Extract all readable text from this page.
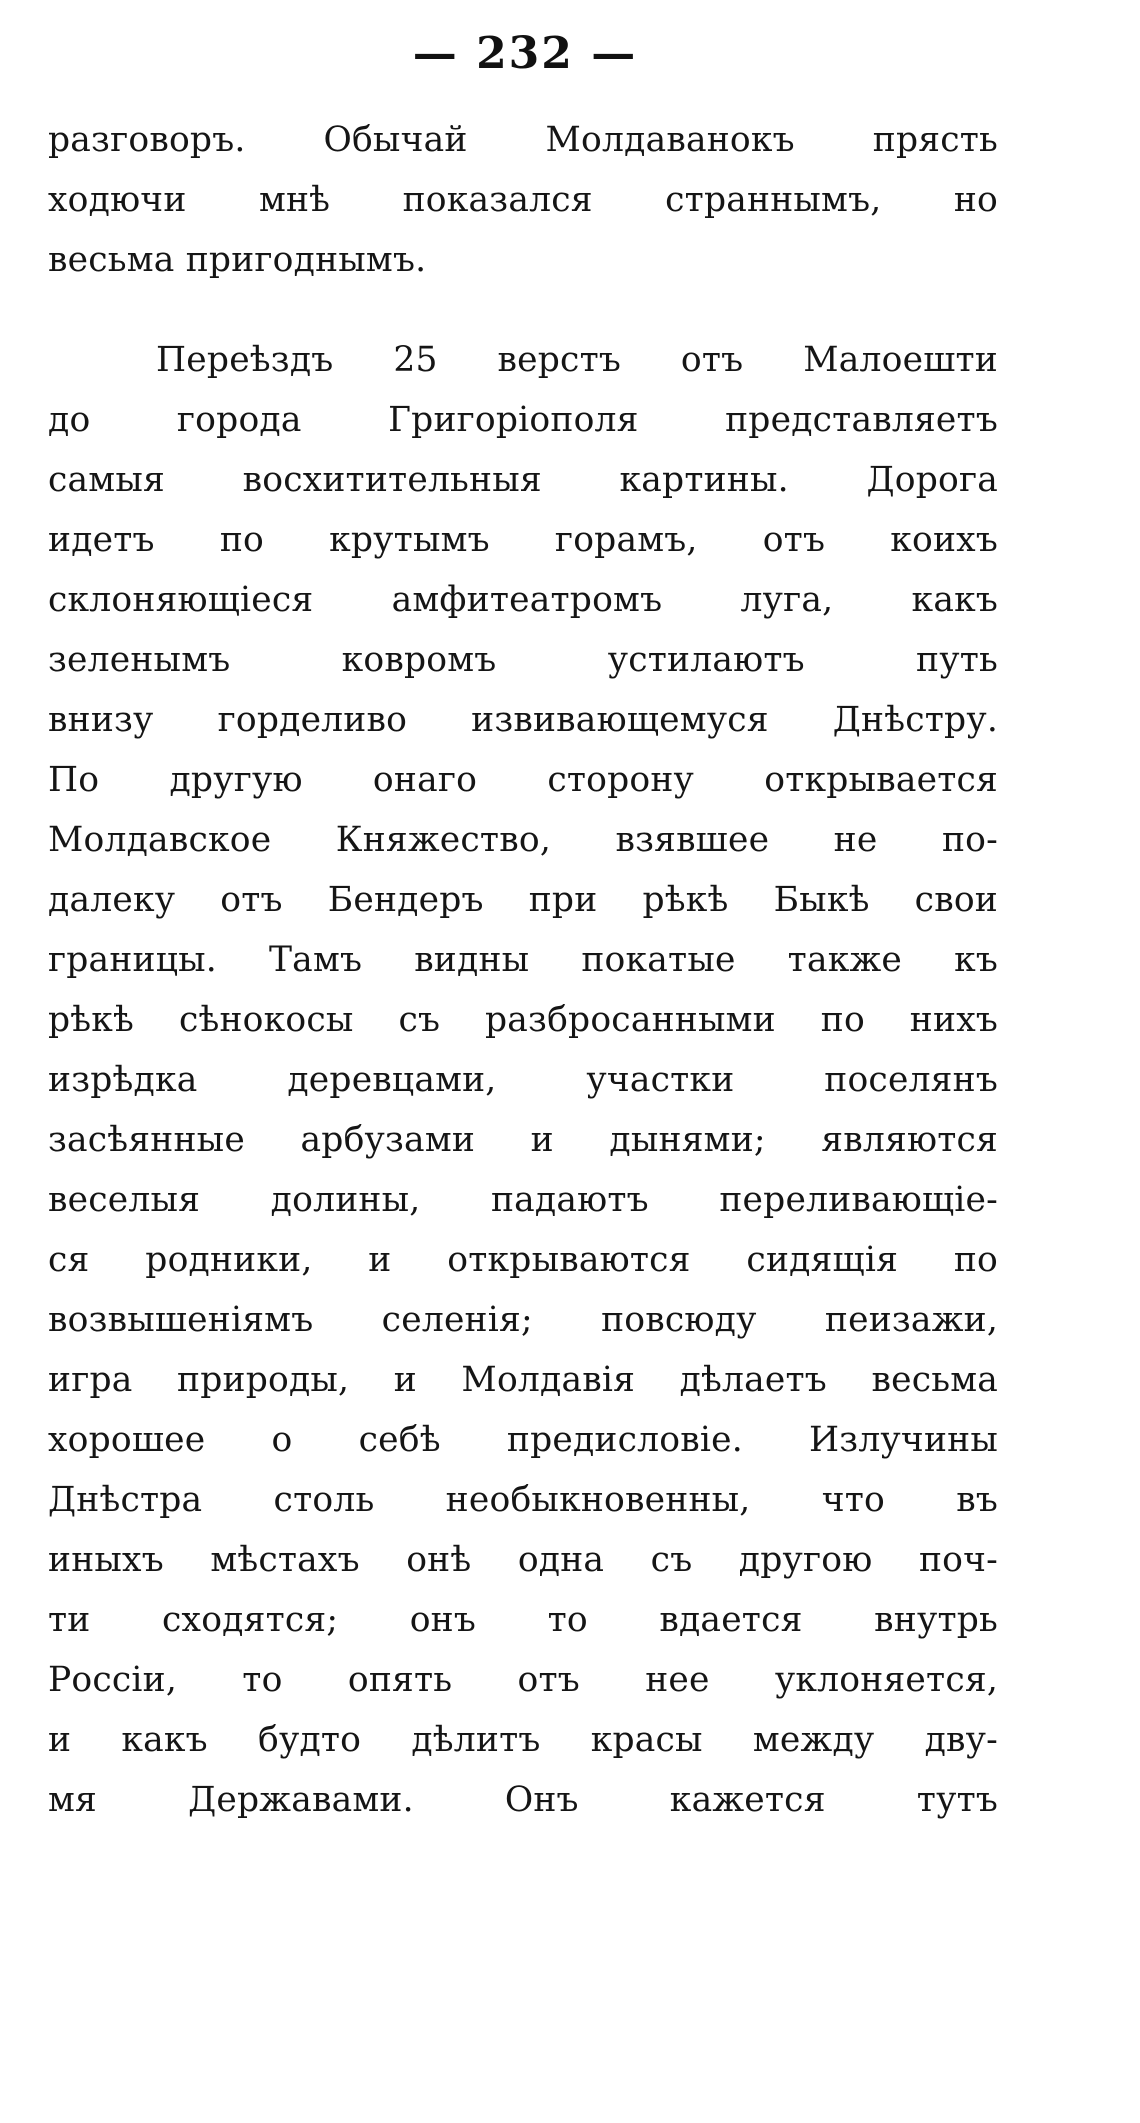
— 232 —
разговоръ. Обычай Молдаванокъ прясть
ходючи мнѣ показался страннымъ, но
весьма пригоднымъ.
Переѣздъ 25 верстъ отъ Малоешти
до города Григоріополя представляетъ
самыя восхитительныя картины. Дорога
идетъ по крутымъ горамъ, отъ коихъ
склоняющіеся амфитеатромъ луга, какъ
зеленымъ ковромъ устилаютъ путь
внизу горделиво извивающемуся Днѣстру.
По другую онаго сторону открывается
Молдавское Княжество, взявшее не по-
далеку отъ Бендеръ при рѣкѣ Быкѣ свои
границы. Тамъ видны покатые также къ
рѣкѣ сѣнокосы съ разбросанными по нихъ
изрѣдка деревцами, участки поселянъ
засѣянные арбузами и дынями; являются
веселыя долины, падаютъ переливающіе-
ся родники, и открываются сидящія по
возвышеніямъ селенія; повсюду пеизажи,
игра природы, и Молдавія дѣлаетъ весьма
хорошее о себѣ предисловіе. Излучины
Днѣстра столь необыкновенны, что въ
иныхъ мѣстахъ онѣ одна съ другою поч-
ти сходятся; онъ то вдается внутрь
Россіи, то опять отъ нее уклоняется,
и какъ будто дѣлитъ красы между дву-
мя Державами. Онъ кажется тутъ
